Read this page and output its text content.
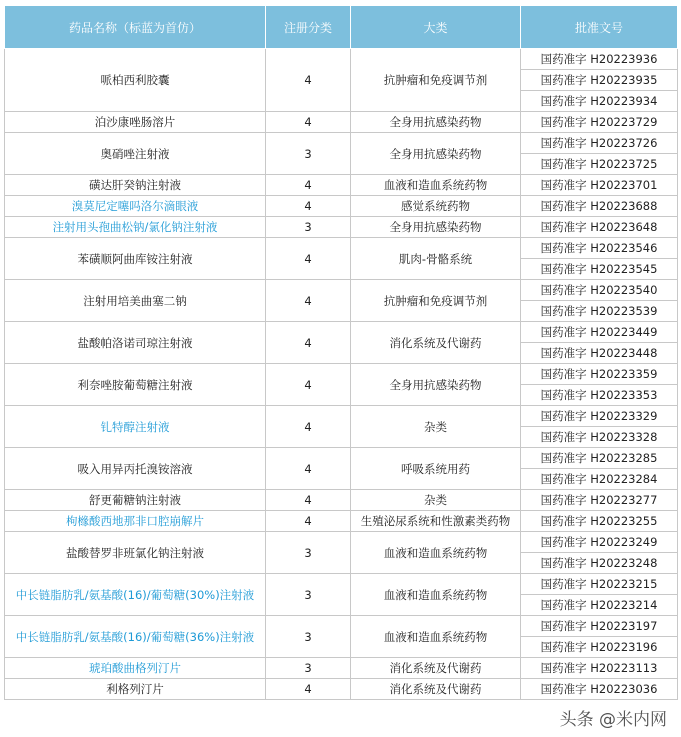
药品名称（标蓝为首仿）	注册分类	大类	批准文号
哌柏西利胶囊	4	抗肿瘤和免疫调节剂	国药准字 H20223936
			国药准字 H20223935
			国药准字 H20223934
泊沙康唑肠溶片	4	全身用抗感染药物	国药准字 H20223729
奥硝唑注射液	3	全身用抗感染药物	国药准字 H20223726
			国药准字 H20223725
磺达肝癸钠注射液	4	血液和造血系统药物	国药准字 H20223701
溴莫尼定噻吗洛尔滴眼液	4	感觉系统药物	国药准字 H20223688
注射用头孢曲松钠/氯化钠注射液	3	全身用抗感染药物	国药准字 H20223648
苯磺顺阿曲库铵注射液	4	肌肉-骨骼系统	国药准字 H20223546
			国药准字 H20223545
注射用培美曲塞二钠	4	抗肿瘤和免疫调节剂	国药准字 H20223540
			国药准字 H20223539
盐酸帕洛诺司琼注射液	4	消化系统及代谢药	国药准字 H20223449
			国药准字 H20223448
利奈唑胺葡萄糖注射液	4	全身用抗感染药物	国药准字 H20223359
			国药准字 H20223353
钆特醇注射液	4	杂类	国药准字 H20223329
			国药准字 H20223328
吸入用异丙托溴铵溶液	4	呼吸系统用药	国药准字 H20223285
			国药准字 H20223284
舒更葡糖钠注射液	4	杂类	国药准字 H20223277
枸橼酸西地那非口腔崩解片	4	生殖泌尿系统和性激素类药物	国药准字 H20223255
盐酸替罗非班氯化钠注射液	3	血液和造血系统药物	国药准字 H20223249
			国药准字 H20223248
中长链脂肪乳/氨基酸(16)/葡萄糖(30%)注射液	3	血液和造血系统药物	国药准字 H20223215
			国药准字 H20223214
中长链脂肪乳/氨基酸(16)/葡萄糖(36%)注射液	3	血液和造血系统药物	国药准字 H20223197
			国药准字 H20223196
琥珀酸曲格列汀片	3	消化系统及代谢药	国药准字 H20223113
利格列汀片	4	消化系统及代谢药	国药准字 H20223036
头条 @米内网
